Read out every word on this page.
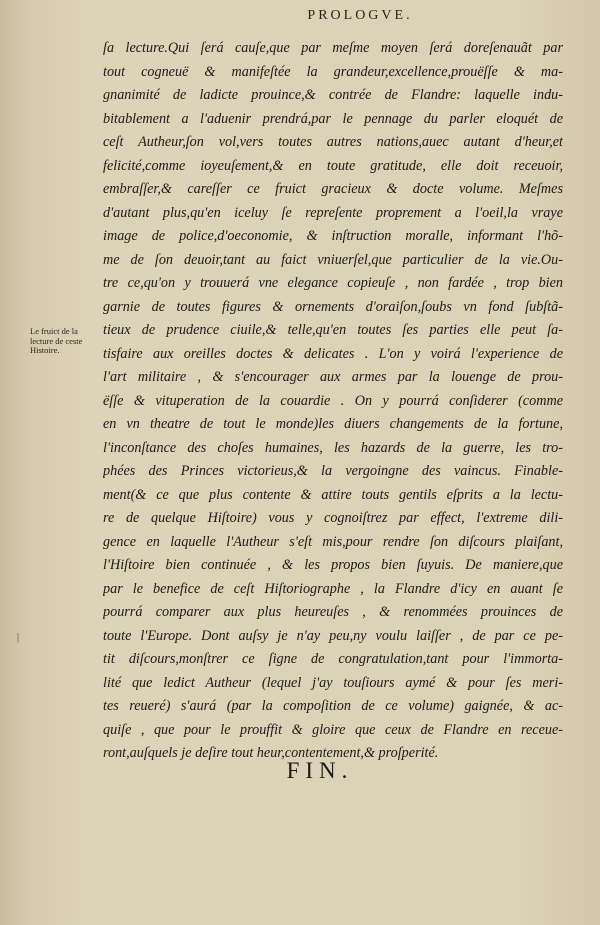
PROLOGVE.
Le fruict de la
lecture de ceste
Histoire.
|
ſa lecture.Qui ſerá cauſe,que par meſme moyen ſerá doreſenauãt par
tout cogneuë & manifeſtée la grandeur,excellence,prouëſſe & ma-
gnanimité de ladicte prouince,& contrée de Flandre: laquelle indu-
bitablement a l'aduenir prendrá,par le pennage du parler eloquét de
ceſt Autheur,ſon vol,vers toutes autres nations,auec autant d'heur,et
felicité,comme ioyeuſement,& en toute gratitude, elle doit receuoir,
embraſſer,& careſſer ce fruict gracieux & docte volume. Meſmes
d'autant plus,qu'en iceluy ſe repreſente proprement a l'oeil,la vraye
image de police,d'oeconomie, & inſtruction moralle, informant l'hõ-
me de ſon deuoir,tant au faict vniuerſel,que particulier de la vie.Ou-
tre ce,qu'on y trouuerá vne elegance copieuſe , non fardée , trop bien
garnie de toutes figures & ornements d'oraiſon,ſoubs vn fond ſubſtã-
tieux de prudence ciuile,& telle,qu'en toutes ſes parties elle peut ſa-
tisfaire aux oreilles doctes & delicates . L'on y voirá l'experience de
l'art militaire , & s'encourager aux armes par la louenge de prou-
ëſſe & vituperation de la couardie . On y pourrá conſiderer (comme
en vn theatre de tout le monde)les diuers changements de la fortune,
l'inconſtance des choſes humaines, les hazards de la guerre, les tro-
phées des Princes victorieus,& la vergoingne des vaincus. Finable-
ment(& ce que plus contente & attire touts gentils eſprits a la lectu-
re de quelque Hiſtoire) vous y cognoiſtrez par effect, l'extreme dili-
gence en laquelle l'Autheur s'eſt mis,pour rendre ſon diſcours plaiſant,
l'Hiſtoire bien continuée , & les propos bien ſuyuis. De maniere,que
par le benefice de ceſt Hiſtoriographe , la Flandre d'icy en auant ſe
pourrá comparer aux plus heureuſes , & renommées prouinces de
toute l'Europe. Dont auſsy je n'ay peu,ny voulu laiſſer , de par ce pe-
tit diſcours,monſtrer ce ſigne de congratulation,tant pour l'immorta-
lité que ledict Autheur (lequel j'ay touſiours aymé & pour ſes meri-
tes reueré) s'aurá (par la compoſition de ce volume) gaignée, & ac-
quiſe , que pour le prouffit & gloire que ceux de Flandre en receue-
ront,auſquels je deſire tout heur,contentement,& proſperité.
FIN.
